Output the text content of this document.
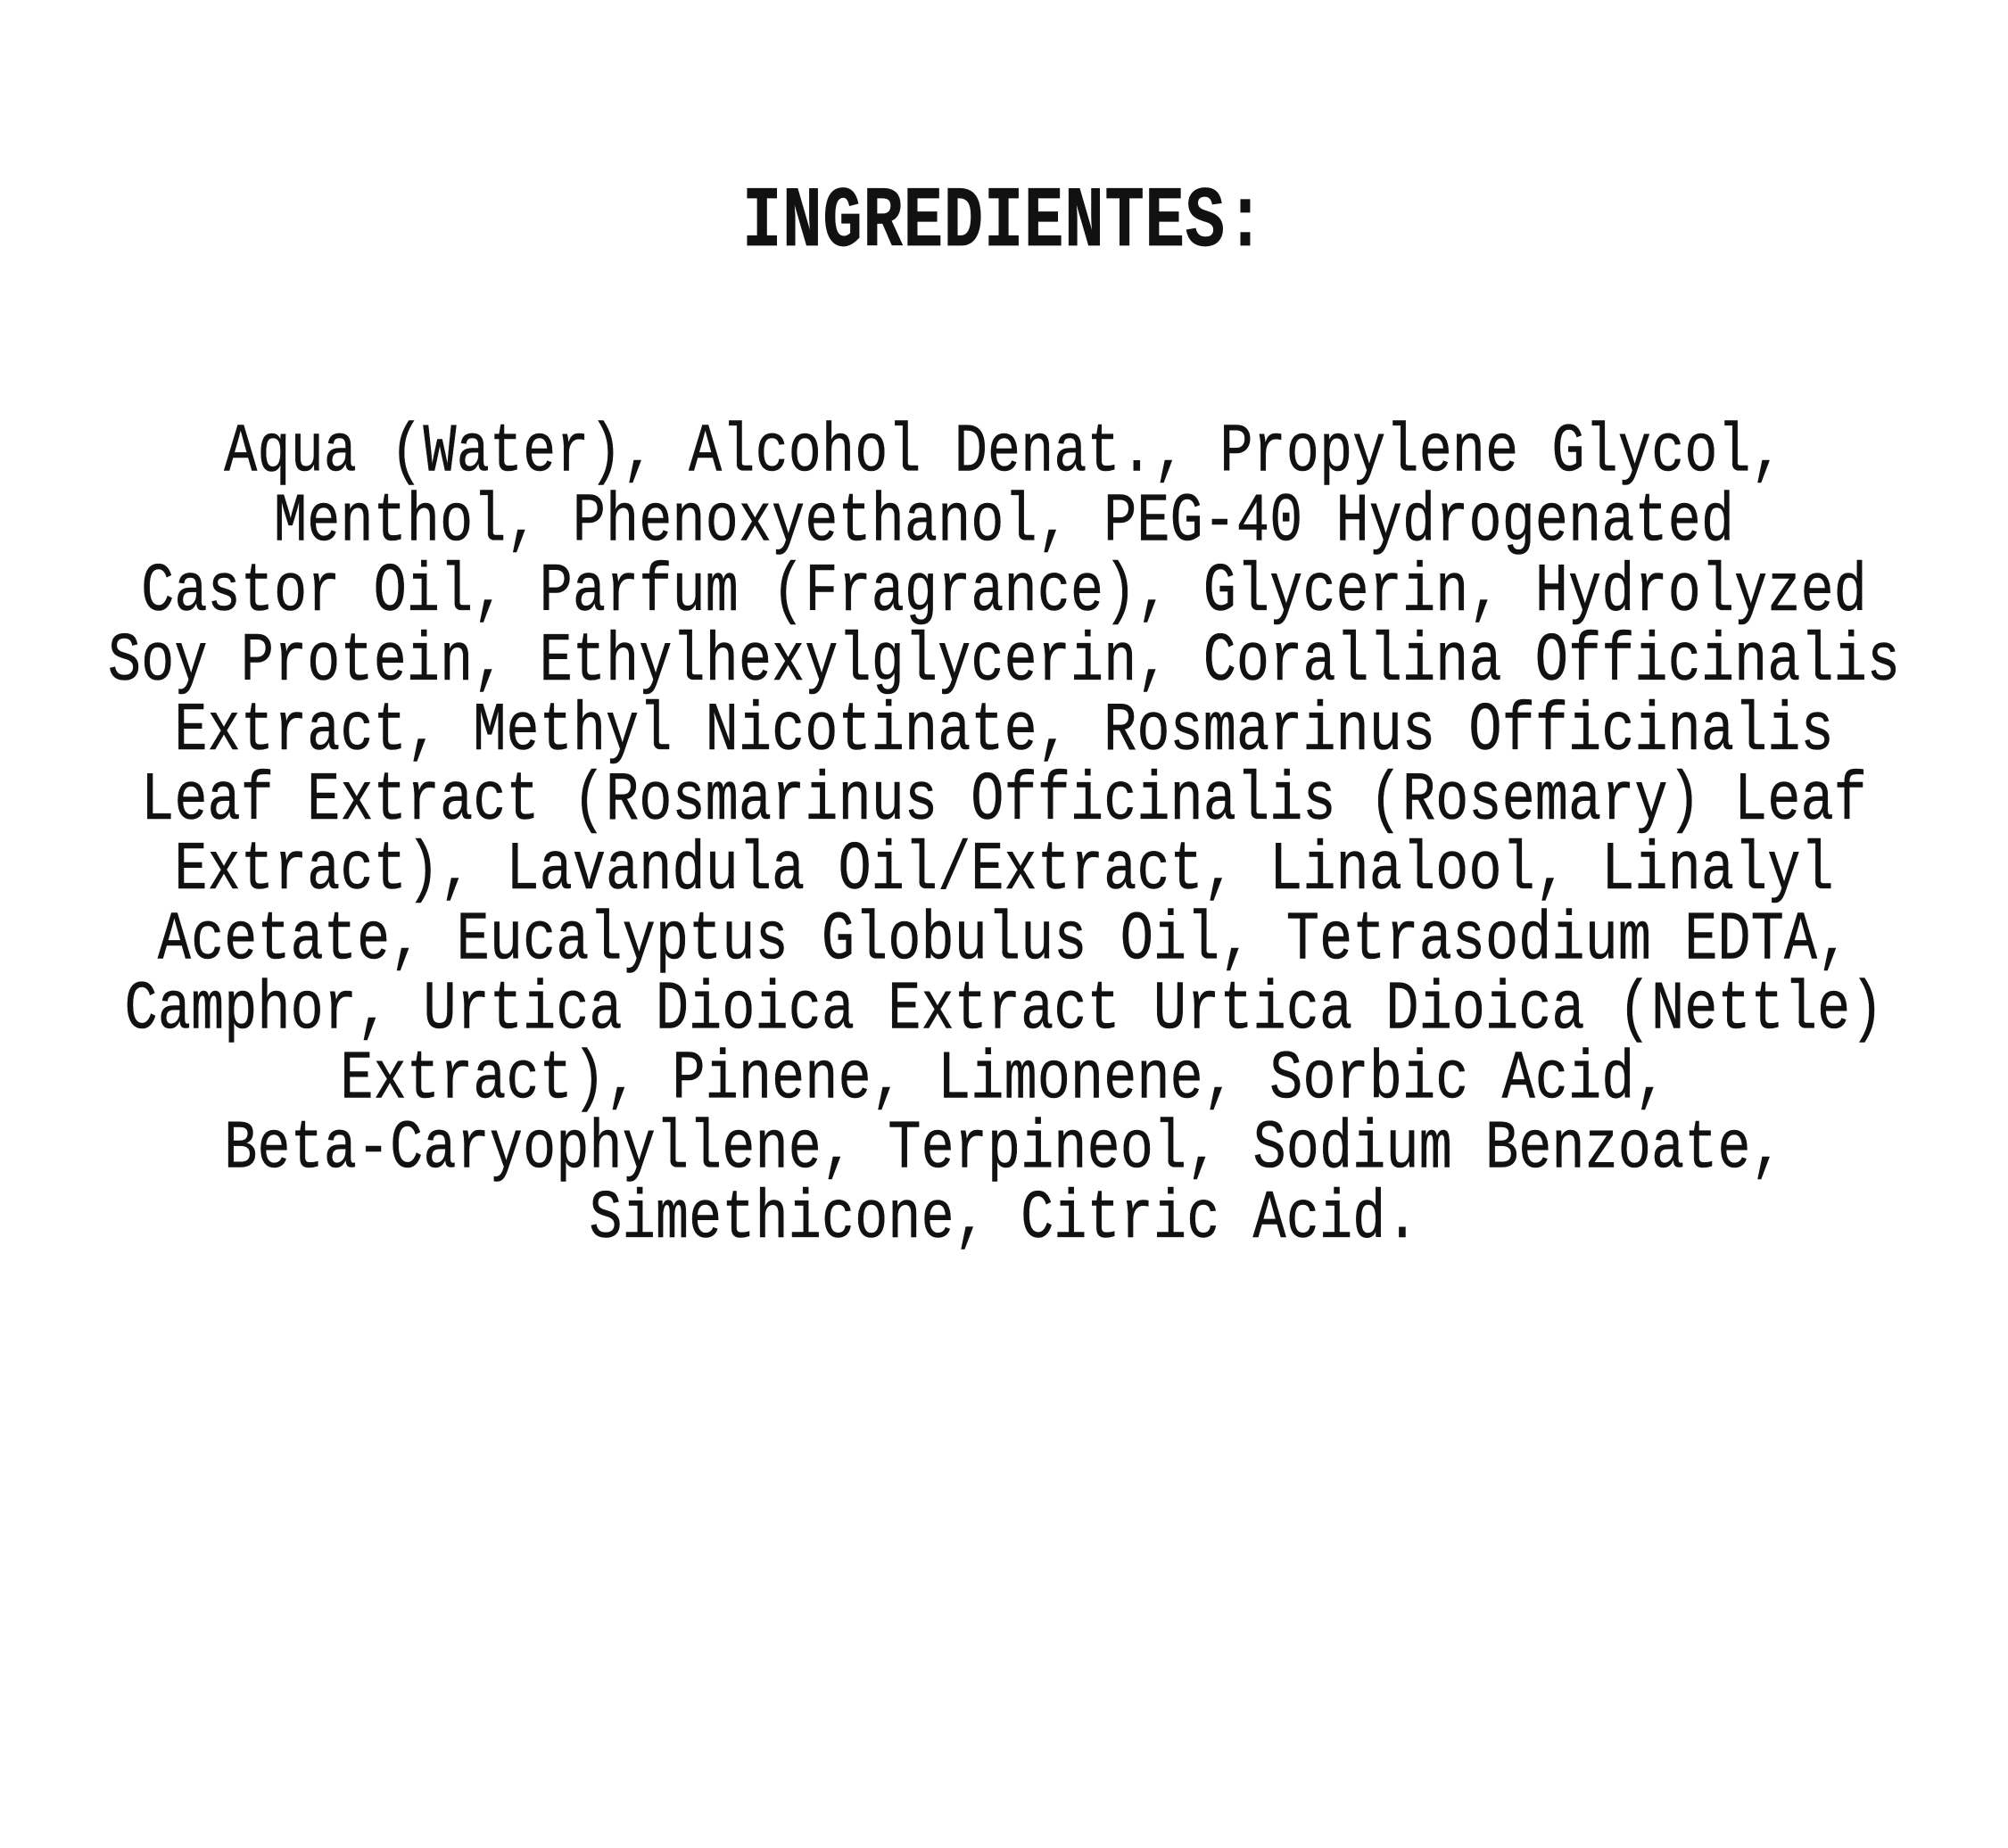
INGREDIENTES:
Aqua (Water), Alcohol Denat., Propylene Glycol,
Menthol, Phenoxyethanol, PEG-40 Hydrogenated
Castor Oil, Parfum (Fragrance), Glycerin, Hydrolyzed
Soy Protein, Ethylhexylglycerin, Corallina Officinalis
Extract, Methyl Nicotinate, Rosmarinus Officinalis
Leaf Extract (Rosmarinus Officinalis (Rosemary) Leaf
Extract), Lavandula Oil/Extract, Linalool, Linalyl
Acetate, Eucalyptus Globulus Oil, Tetrasodium EDTA,
Camphor, Urtica Dioica Extract Urtica Dioica (Nettle)
Extract), Pinene, Limonene, Sorbic Acid,
Beta-Caryophyllene, Terpineol, Sodium Benzoate,
Simethicone, Citric Acid.
